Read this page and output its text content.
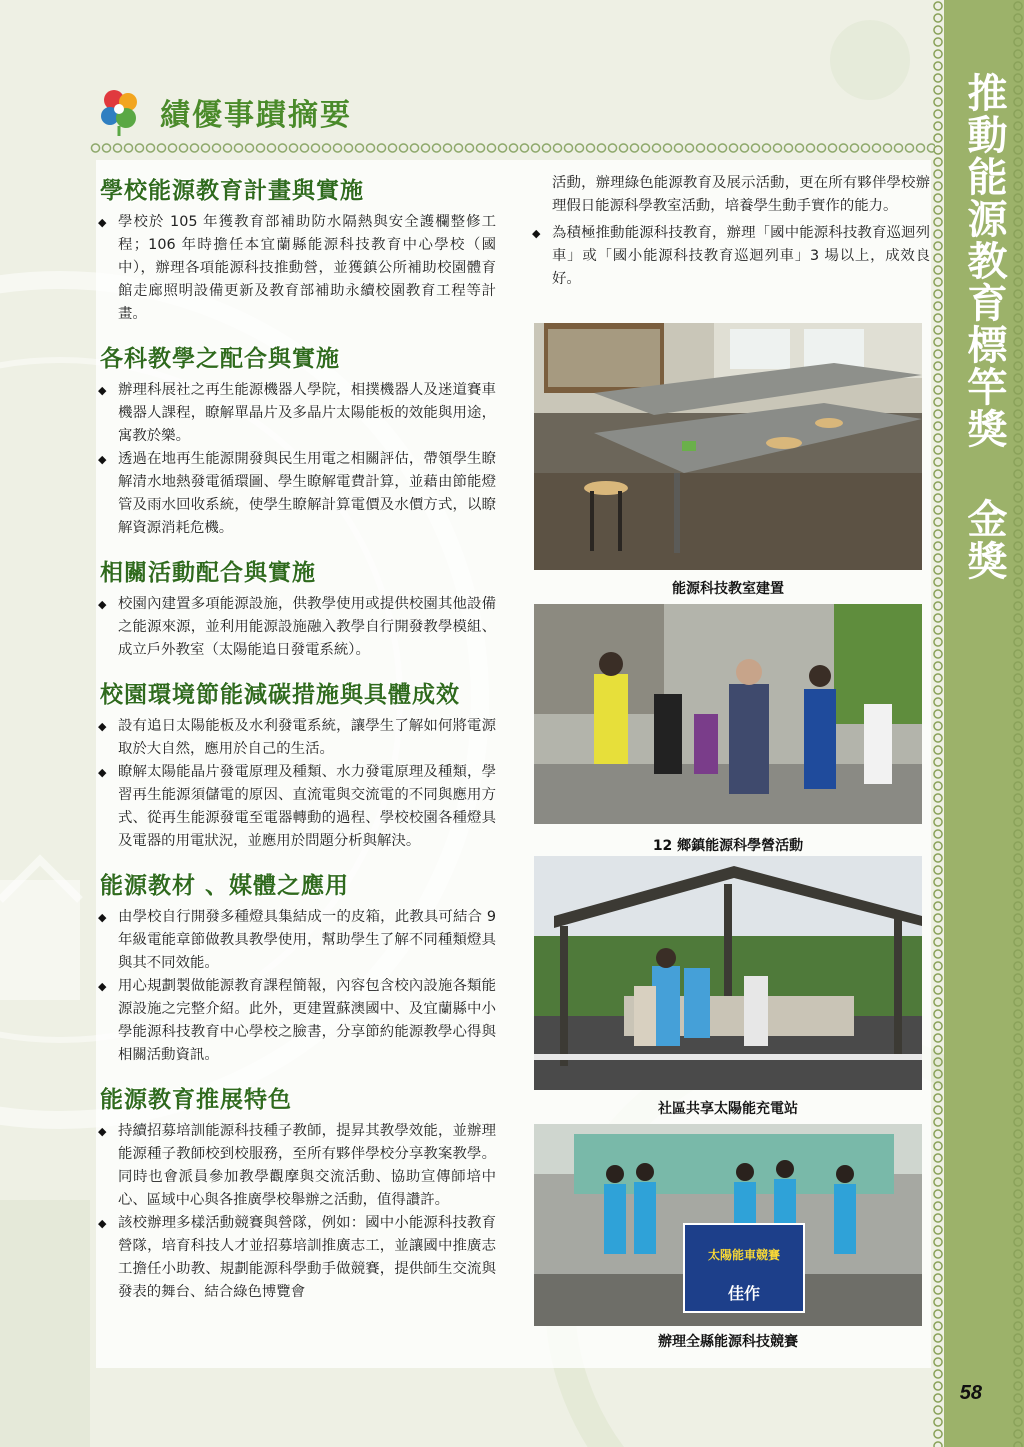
推動能源教育標竿獎 金獎
58
績優事蹟摘要
學校能源教育計畫與實施
◆ 學校於 105 年獲教育部補助防水隔熱與安全護欄整修工程；106 年時擔任本宜蘭縣能源科技教育中心學校（國中），辦理各項能源科技推動營，並獲鎮公所補助校園體育館走廊照明設備更新及教育部補助永續校園教育工程等計畫。
各科教學之配合與實施
◆ 辦理科展社之再生能源機器人學院，相撲機器人及迷道賽車機器人課程，瞭解單晶片及多晶片太陽能板的效能與用途，寓教於樂。
◆ 透過在地再生能源開發與民生用電之相關評估，帶領學生瞭解清水地熱發電循環圖、學生瞭解電費計算，並藉由節能燈管及雨水回收系統，使學生瞭解計算電價及水價方式，以瞭解資源消耗危機。
相關活動配合與實施
◆ 校園內建置多項能源設施，供教學使用或提供校園其他設備之能源來源，並利用能源設施融入教學自行開發教學模組、成立戶外教室（太陽能追日發電系統）。
校園環境節能減碳措施與具體成效
◆ 設有追日太陽能板及水利發電系統，讓學生了解如何將電源取於大自然，應用於自己的生活。
◆ 瞭解太陽能晶片發電原理及種類、水力發電原理及種類，學習再生能源須儲電的原因、直流電與交流電的不同與應用方式、從再生能源發電至電器轉動的過程、學校校園各種燈具及電器的用電狀況，並應用於問題分析與解決。
能源教材 、媒體之應用
◆ 由學校自行開發多種燈具集結成一的皮箱，此教具可結合 9 年級電能章節做教具教學使用，幫助學生了解不同種類燈具與其不同效能。
◆ 用心規劃製做能源教育課程簡報，內容包含校內設施各類能源設施之完整介紹。此外，更建置蘇澳國中、及宜蘭縣中小學能源科技教育中心學校之臉書，分享節約能源教學心得與相關活動資訊。
能源教育推展特色
◆ 持續招募培訓能源科技種子教師，提昇其教學效能，並辦理能源種子教師校到校服務，至所有夥伴學校分享教案教學。同時也會派員參加教學觀摩與交流活動、協助宣傳師培中心、區域中心與各推廣學校舉辦之活動，值得讚許。
◆ 該校辦理多樣活動競賽與營隊，例如：國中小能源科技教育營隊，培育科技人才並招募培訓推廣志工，並讓國中推廣志工擔任小助教、規劃能源科學動手做競賽，提供師生交流與發表的舞台、結合綠色博覽會

活動，辦理綠色能源教育及展示活動，更在所有夥伴學校辦理假日能源科學教室活動，培養學生動手實作的能力。

◆ 為積極推動能源科技教育，辦理「國中能源科技教育巡迴列車」或「國小能源科技教育巡迴列車」3 場以上，成效良好。
能源科技教室建置
12 鄉鎮能源科學營活動
社區共享太陽能充電站
太陽能車競賽
佳作
辦理全縣能源科技競賽
